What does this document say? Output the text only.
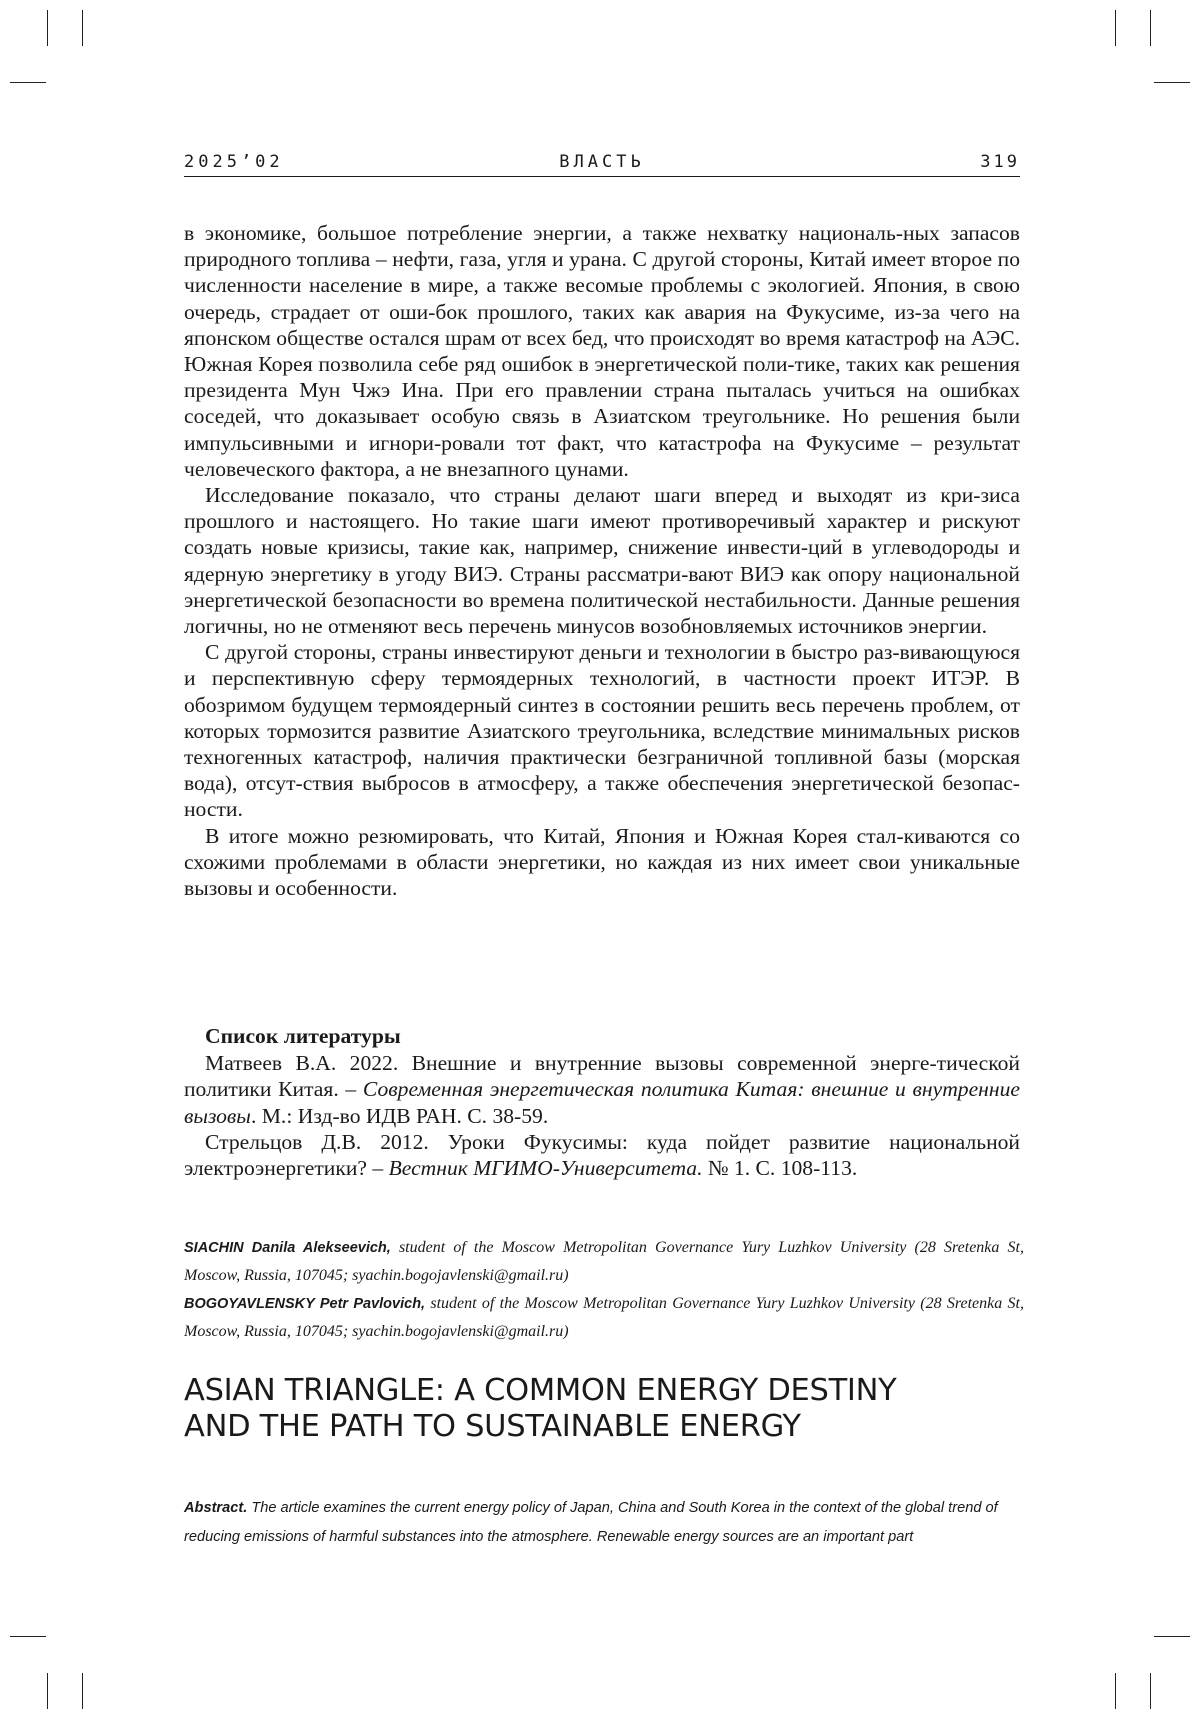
2025’02	ВЛАСТЬ	319

в экономике, большое потребление энергии, а также нехватку националь-ных запасов природного топлива – нефти, газа, угля и урана. С другой стороны, Китай имеет второе по численности население в мире, а также весомые проблемы с экологией. Япония, в свою очередь, страдает от оши-бок прошлого, таких как авария на Фукусиме, из-за чего на японском обществе остался шрам от всех бед, что происходят во время катастроф на АЭС. Южная Корея позволила себе ряд ошибок в энергетической поли-тике, таких как решения президента Мун Чжэ Ина. При его правлении страна пыталась учиться на ошибках соседей, что доказывает особую связь в Азиатском треугольнике. Но решения были импульсивными и игнори-ровали тот факт, что катастрофа на Фукусиме – результат человеческого фактора, а не внезапного цунами.

Исследование показало, что страны делают шаги вперед и выходят из кри-зиса прошлого и настоящего. Но такие шаги имеют противоречивый характер и рискуют создать новые кризисы, такие как, например, снижение инвести-ций в углеводороды и ядерную энергетику в угоду ВИЭ. Страны рассматри-вают ВИЭ как опору национальной энергетической безопасности во времена политической нестабильности. Данные решения логичны, но не отменяют весь перечень минусов возобновляемых источников энергии.

С другой стороны, страны инвестируют деньги и технологии в быстро раз-вивающуюся и перспективную сферу термоядерных технологий, в частности проект ИТЭР. В обозримом будущем термоядерный синтез в состоянии решить весь перечень проблем, от которых тормозится развитие Азиатского треугольника, вследствие минимальных рисков техногенных катастроф, наличия практически безграничной топливной базы (морская вода), отсут-ствия выбросов в атмосферу, а также обеспечения энергетической безопас-ности.

В итоге можно резюмировать, что Китай, Япония и Южная Корея стал-киваются со схожими проблемами в области энергетики, но каждая из них имеет свои уникальные вызовы и особенности.

Список литературы

Матвеев В.А. 2022. Внешние и внутренние вызовы современной энерге-тической политики Китая. – Современная энергетическая политика Китая: внешние и внутренние вызовы. М.: Изд-во ИДВ РАН. С. 38-59.

Стрельцов Д.В. 2012. Уроки Фукусимы: куда пойдет развитие национальной электроэнергетики? – Вестник МГИМО-Университета. № 1. С. 108-113.

SIACHIN Danila Alekseevich, student of the Moscow Metropolitan Governance Yury Luzhkov University (28 Sretenka St, Moscow, Russia, 107045; syachin.bogojavlenski@gmail.ru)

BOGOYAVLENSKY Petr Pavlovich, student of the Moscow Metropolitan Governance Yury Luzhkov University (28 Sretenka St, Moscow, Russia, 107045; syachin.bogojavlenski@gmail.ru)

ASIAN TRIANGLE: A COMMON ENERGY DESTINY
AND THE PATH TO SUSTAINABLE ENERGY

Abstract. The article examines the current energy policy of Japan, China and South Korea in the context of the global trend of reducing emissions of harmful substances into the atmosphere. Renewable energy sources are an important part
